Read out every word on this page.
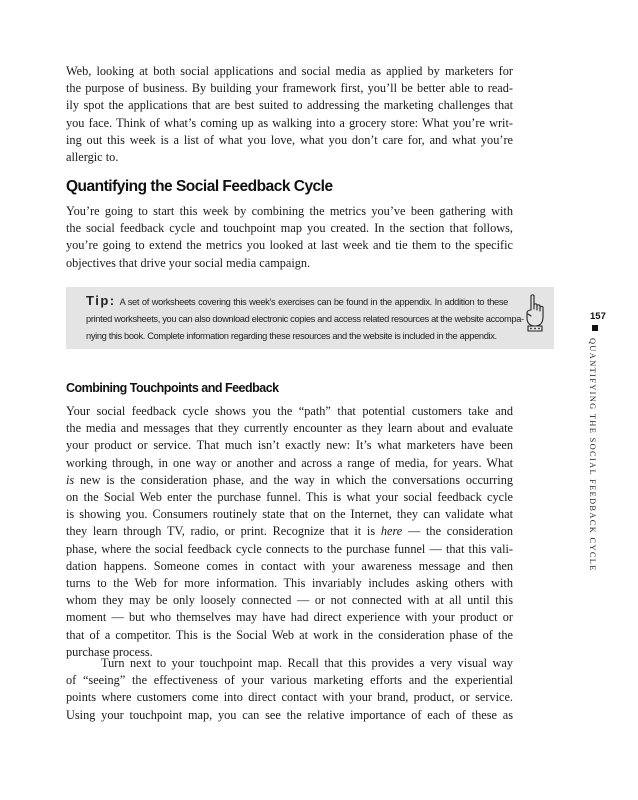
Web, looking at both social applications and social media as applied by marketers for
the purpose of business. By building your framework first, you’ll be better able to read-
ily spot the applications that are best suited to addressing the marketing challenges that
you face. Think of what’s coming up as walking into a grocery store: What you’re writ-
ing out this week is a list of what you love, what you don’t care for, and what you’re
allergic to.

Quantifying the Social Feedback Cycle

You’re going to start this week by combining the metrics you’ve been gathering with
the social feedback cycle and touchpoint map you created. In the section that follows,
you’re going to extend the metrics you looked at last week and tie them to the specific
objectives that drive your social media campaign.

Tip: A set of worksheets covering this week’s exercises can be found in the appendix. In addition to these
printed worksheets, you can also download electronic copies and access related resources at the website accompa-
nying this book. Complete information regarding these resources and the website is included in the appendix.
Combining Touchpoints and Feedback

Your social feedback cycle shows you the “path” that potential customers take and
the media and messages that they currently encounter as they learn about and evaluate
your product or service. That much isn’t exactly new: It’s what marketers have been
working through, in one way or another and across a range of media, for years. What
is new is the consideration phase, and the way in which the conversations occurring
on the Social Web enter the purchase funnel. This is what your social feedback cycle
is showing you. Consumers routinely state that on the Internet, they can validate what
they learn through TV, radio, or print. Recognize that it is here — the consideration
phase, where the social feedback cycle connects to the purchase funnel — that this vali-
dation happens. Someone comes in contact with your awareness message and then
turns to the Web for more information. This invariably includes asking others with
whom they may be only loosely connected — or not connected with at all until this
moment — but who themselves may have had direct experience with your product or
that of a competitor. This is the Social Web at work in the consideration phase of the
purchase process.

Turn next to your touchpoint map. Recall that this provides a very visual way
of “seeing” the effectiveness of your various marketing efforts and the experiential
points where customers come into direct contact with your brand, product, or service.
Using your touchpoint map, you can see the relative importance of each of these as

157
QUANTIFYING THE SOCIAL FEEDBACK CYCLE
